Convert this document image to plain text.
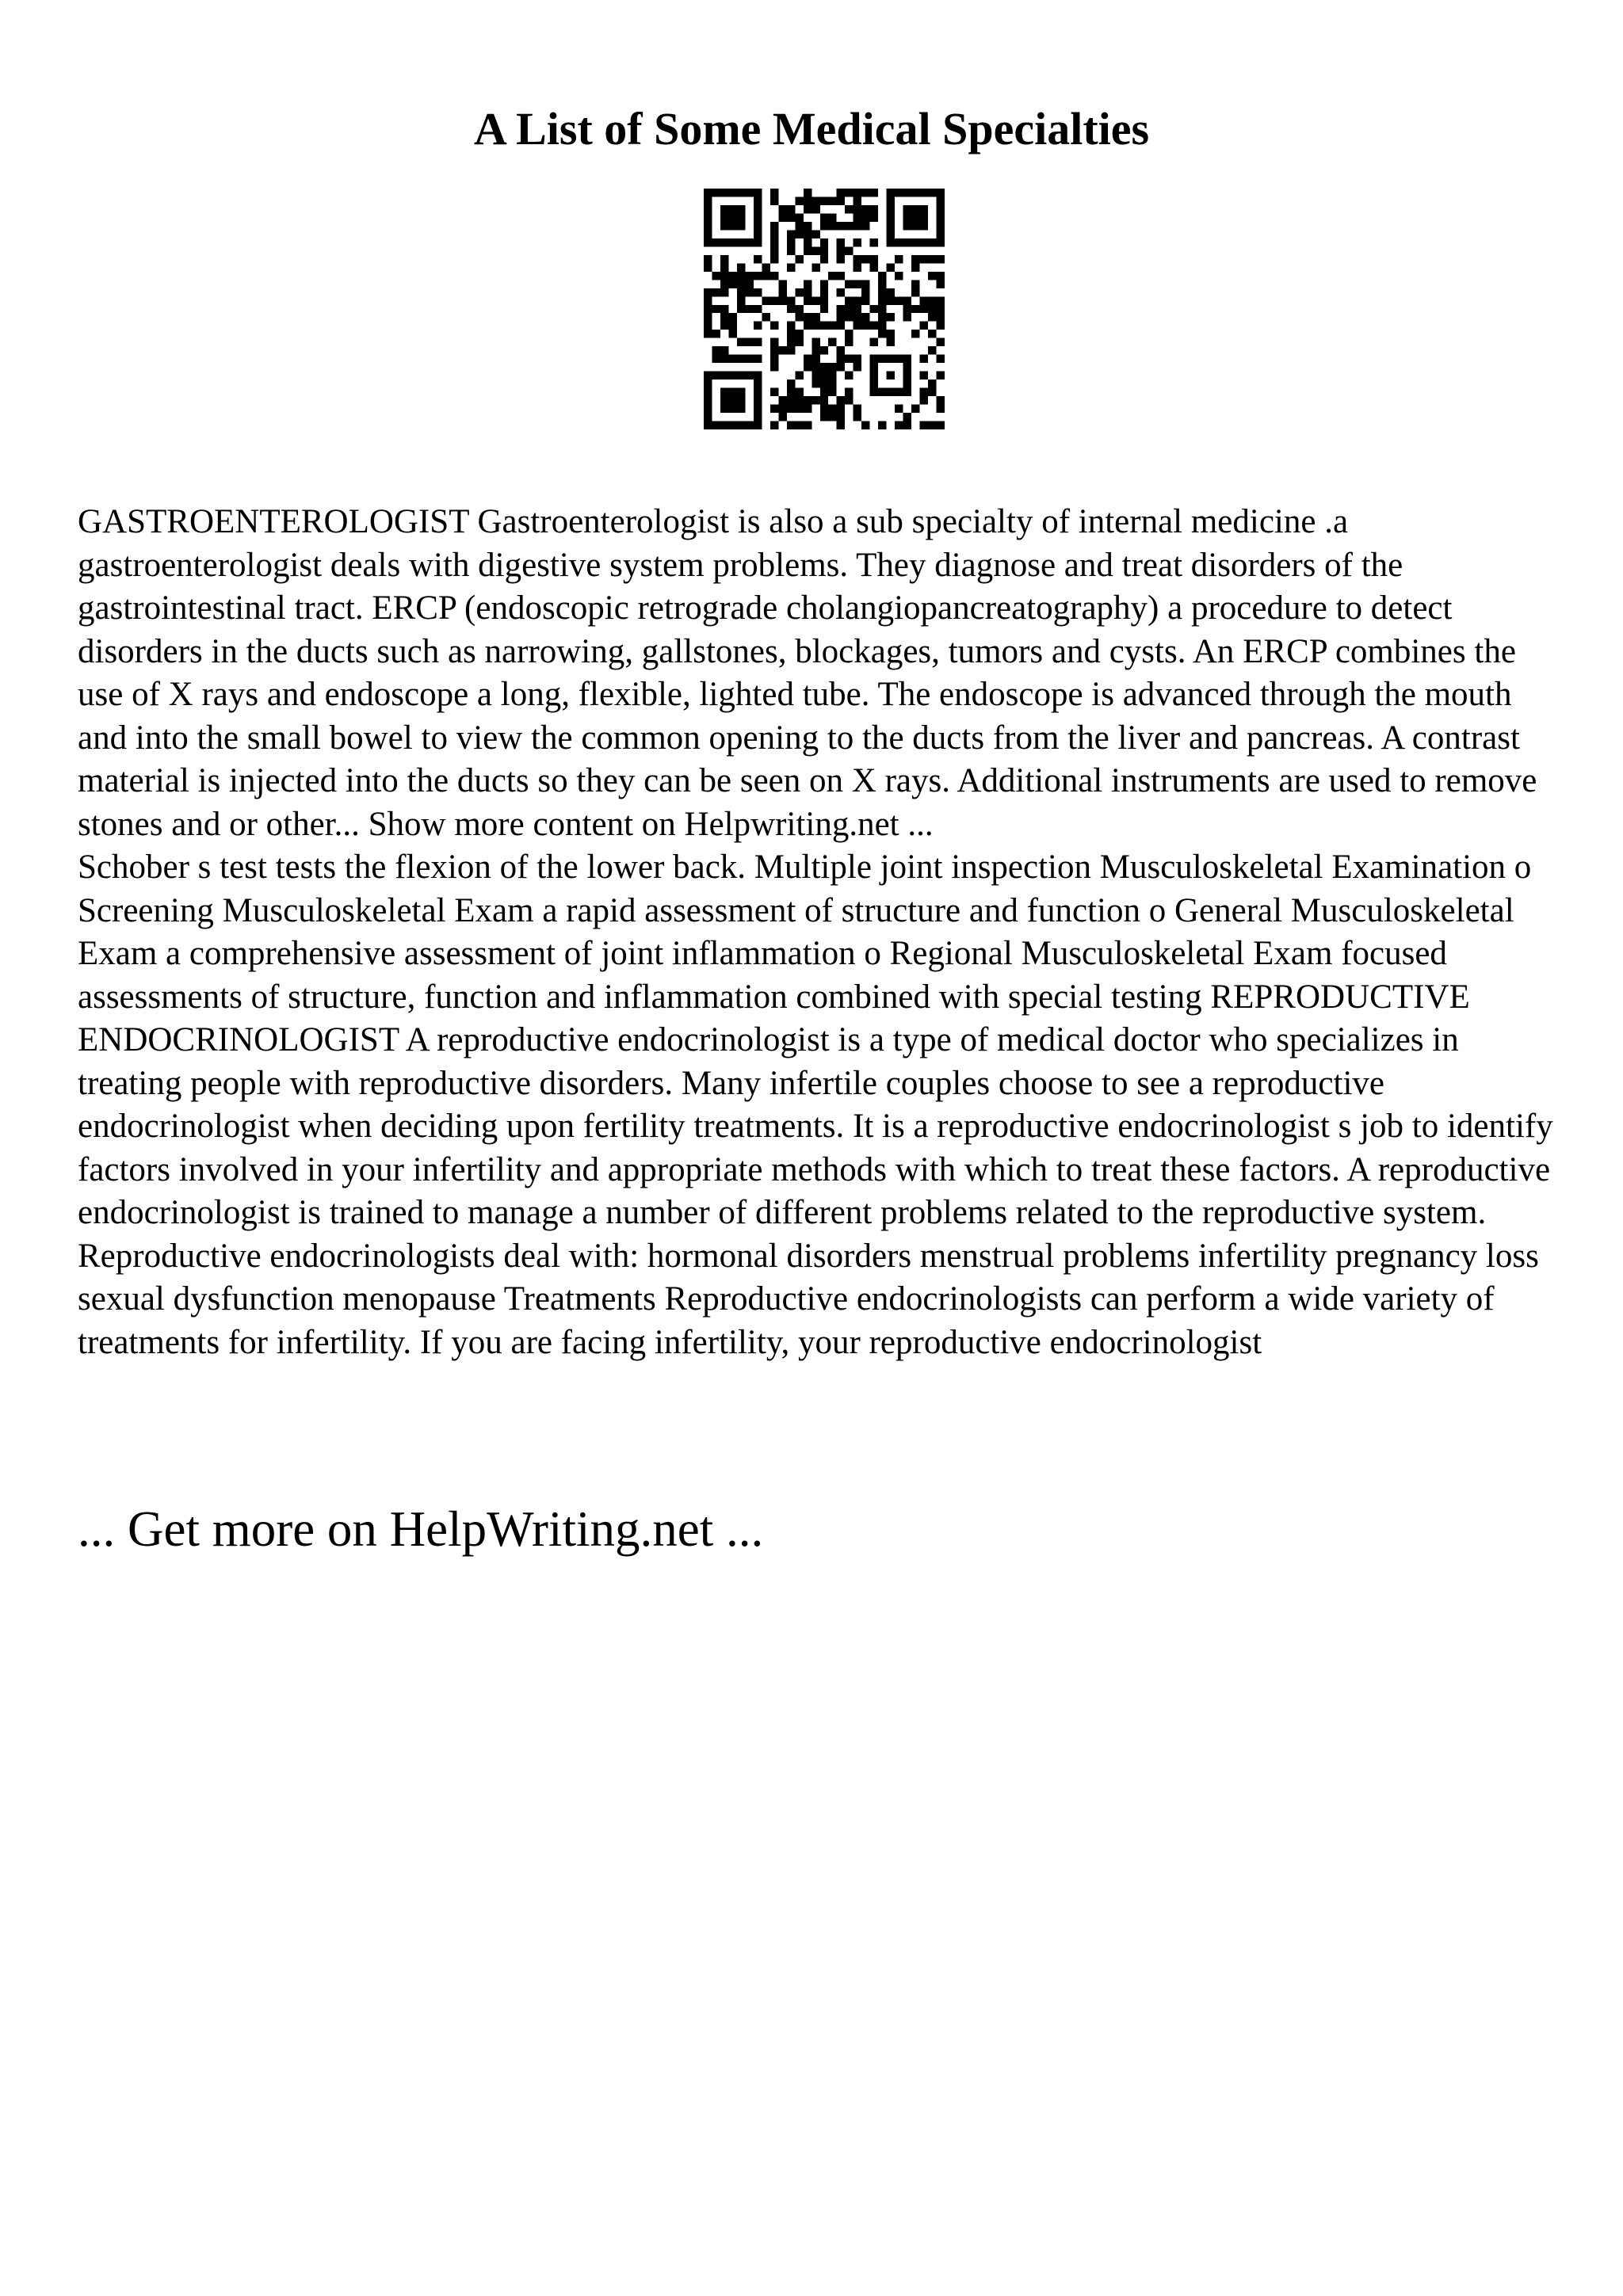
A List of Some Medical Specialties

GASTROENTEROLOGIST Gastroenterologist is also a sub specialty of internal medicine .a gastroenterologist deals with digestive system problems. They diagnose and treat disorders of the gastrointestinal tract. ERCP (endoscopic retrograde cholangiopancreatography) a procedure to detect disorders in the ducts such as narrowing, gallstones, blockages, tumors and cysts. An ERCP combines the use of X rays and endoscope a long, flexible, lighted tube. The endoscope is advanced through the mouth and into the small bowel to view the common opening to the ducts from the liver and pancreas. A contrast material is injected into the ducts so they can be seen on X rays. Additional instruments are used to remove stones and or other... Show more content on Helpwriting.net ...

Schober s test tests the flexion of the lower back. Multiple joint inspection Musculoskeletal Examination o Screening Musculoskeletal Exam a rapid assessment of structure and function o General Musculoskeletal Exam a comprehensive assessment of joint inflammation o Regional Musculoskeletal Exam focused assessments of structure, function and inflammation combined with special testing REPRODUCTIVE ENDOCRINOLOGIST A reproductive endocrinologist is a type of medical doctor who specializes in treating people with reproductive disorders. Many infertile couples choose to see a reproductive endocrinologist when deciding upon fertility treatments. It is a reproductive endocrinologist s job to identify factors involved in your infertility and appropriate methods with which to treat these factors. A reproductive endocrinologist is trained to manage a number of different problems related to the reproductive system. Reproductive endocrinologists deal with: hormonal disorders menstrual problems infertility pregnancy loss sexual dysfunction menopause Treatments Reproductive endocrinologists can perform a wide variety of treatments for infertility. If you are facing infertility, your reproductive endocrinologist

... Get more on HelpWriting.net ...
